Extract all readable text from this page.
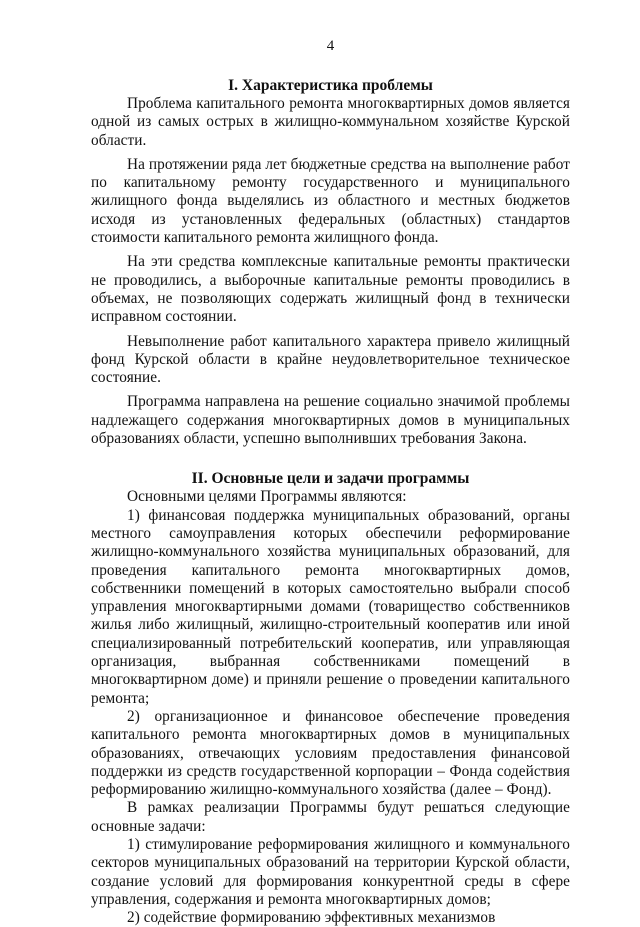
4
I. Характеристика проблемы

Проблема капитального ремонта многоквартирных домов является одной из самых острых в жилищно-коммунальном хозяйстве Курской области.

На протяжении ряда лет бюджетные средства на выполнение работ по капитальному ремонту государственного и муниципального жилищного фонда выделялись из областного и местных бюджетов исходя из установленных федеральных (областных) стандартов стоимости капитального ремонта жилищного фонда.

На эти средства комплексные капитальные ремонты практически не проводились, а выборочные капитальные ремонты проводились в объемах, не позволяющих содержать жилищный фонд в технически исправном состоянии.

Невыполнение работ капитального характера привело жилищный фонд Курской области в крайне неудовлетворительное техническое состояние.

Программа направлена на решение социально значимой проблемы надлежащего содержания многоквартирных домов в муниципальных образованиях области, успешно выполнивших требования Закона.

II. Основные цели и задачи программы

Основными целями Программы являются:

1) финансовая поддержка муниципальных образований, органы местного самоуправления которых обеспечили реформирование жилищно-коммунального хозяйства муниципальных образований, для проведения капитального ремонта многоквартирных домов, собственники помещений в которых самостоятельно выбрали способ управления многоквартирными домами (товарищество собственников жилья либо жилищный, жилищно-строительный кооператив или иной специализированный потребительский кооператив, или управляющая организация, выбранная собственниками помещений в многоквартирном доме) и приняли решение о проведении капитального ремонта;

2) организационное и финансовое обеспечение проведения капитального ремонта многоквартирных домов в муниципальных образованиях, отвечающих условиям предоставления финансовой поддержки из средств государственной корпорации – Фонда содействия реформированию жилищно-коммунального хозяйства (далее – Фонд).

В рамках реализации Программы будут решаться следующие основные задачи:

1) стимулирование реформирования жилищного и коммунального секторов муниципальных образований на территории Курской области, создание условий для формирования конкурентной среды в сфере управления, содержания и ремонта многоквартирных домов;

2) содействие формированию эффективных механизмов
